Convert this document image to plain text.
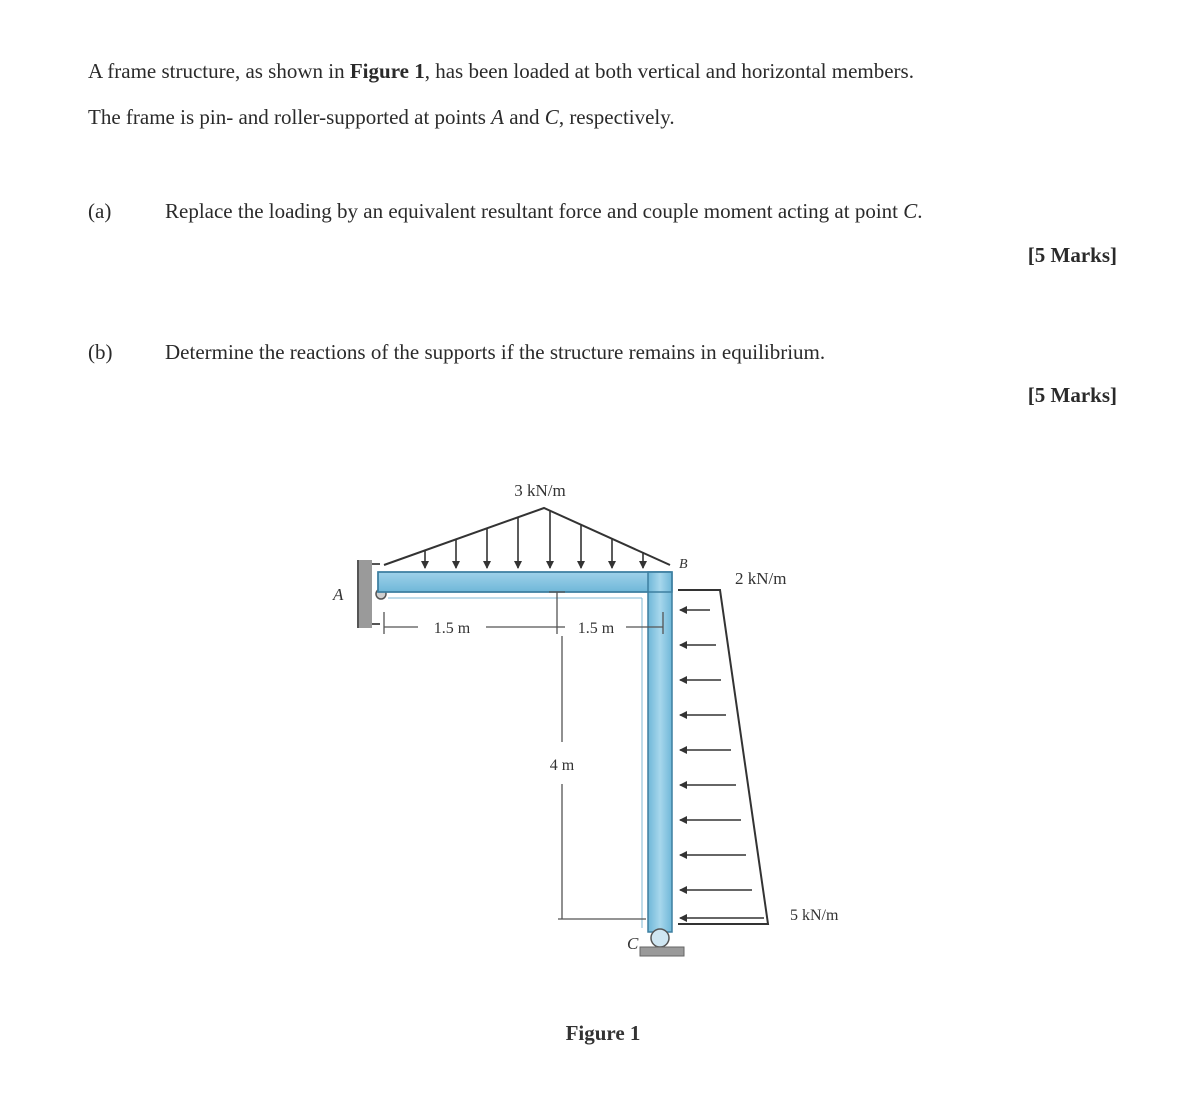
A frame structure, as shown in Figure 1, has been loaded at both vertical and horizontal members.
The frame is pin- and roller-supported at points A and C, respectively.
(a)	Replace the loading by an equivalent resultant force and couple moment acting at point C.
[5 Marks]
(b)	Determine the reactions of the supports if the structure remains in equilibrium.
[5 Marks]
3 kN/m
2 kN/m
5 kN/m
1.5 m	1.5 m
4 m
A
B
C
Figure 1
